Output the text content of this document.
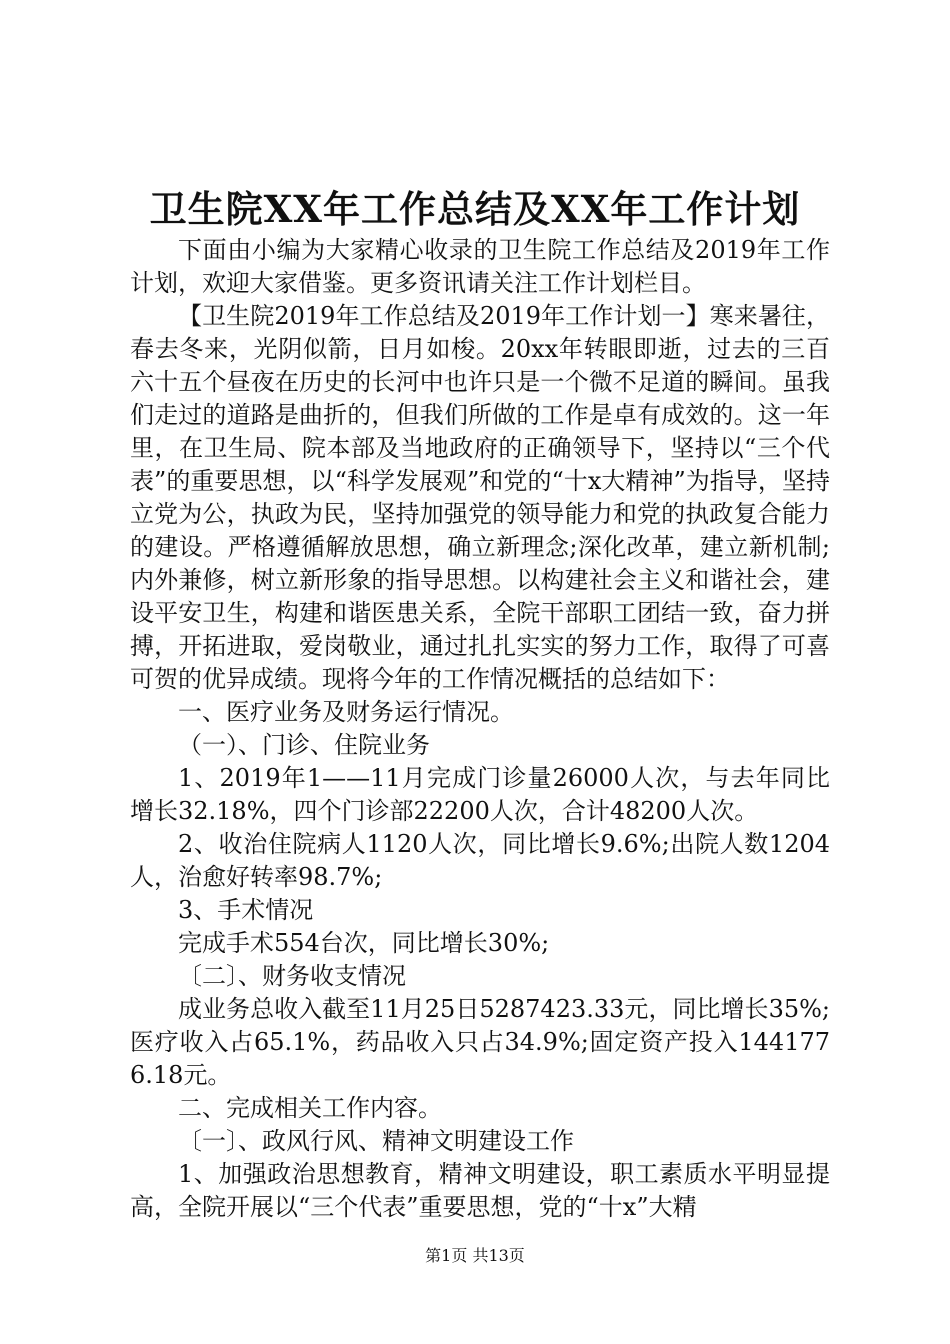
卫生院XX年工作总结及XX年工作计划

下面由小编为大家精心收录的卫生院工作总结及2019年工作计划，欢迎大家借鉴。更多资讯请关注工作计划栏目。

【卫生院2019年工作总结及2019年工作计划一】寒来暑往，春去冬来，光阴似箭，日月如梭。20xx年转眼即逝，过去的三百六十五个昼夜在历史的长河中也许只是一个微不足道的瞬间。虽我们走过的道路是曲折的，但我们所做的工作是卓有成效的。这一年里，在卫生局、院本部及当地政府的正确领导下，坚持以“三个代表”的重要思想，以“科学发展观”和党的“十x大精神”为指导，坚持立党为公，执政为民，坚持加强党的领导能力和党的执政复合能力的建设。严格遵循解放思想，确立新理念;深化改革，建立新机制;内外兼修，树立新形象的指导思想。以构建社会主义和谐社会，建设平安卫生，构建和谐医患关系，全院干部职工团结一致，奋力拼搏，开拓进取，爱岗敬业，通过扎扎实实的努力工作，取得了可喜可贺的优异成绩。现将今年的工作情况概括的总结如下：

一、医疗业务及财务运行情况。

（一）、门诊、住院业务

1、2019年1——11月完成门诊量26000人次，与去年同比增长32.18%，四个门诊部22200人次，合计48200人次。

2、收治住院病人1120人次，同比增长9.6%;出院人数1204人，治愈好转率98.7%;

3、手术情况

完成手术554台次，同比增长30%;

〔二〕、财务收支情况

成业务总收入截至11月25日5287423.33元，同比增长35%;医疗收入占65.1%，药品收入只占34.9%;固定资产投入1441776.18元。

二、完成相关工作内容。

〔一〕、政风行风、精神文明建设工作

1、加强政治思想教育，精神文明建设，职工素质水平明显提高，全院开展以“三个代表”重要思想，党的“十x”大精

第1页 共13页
